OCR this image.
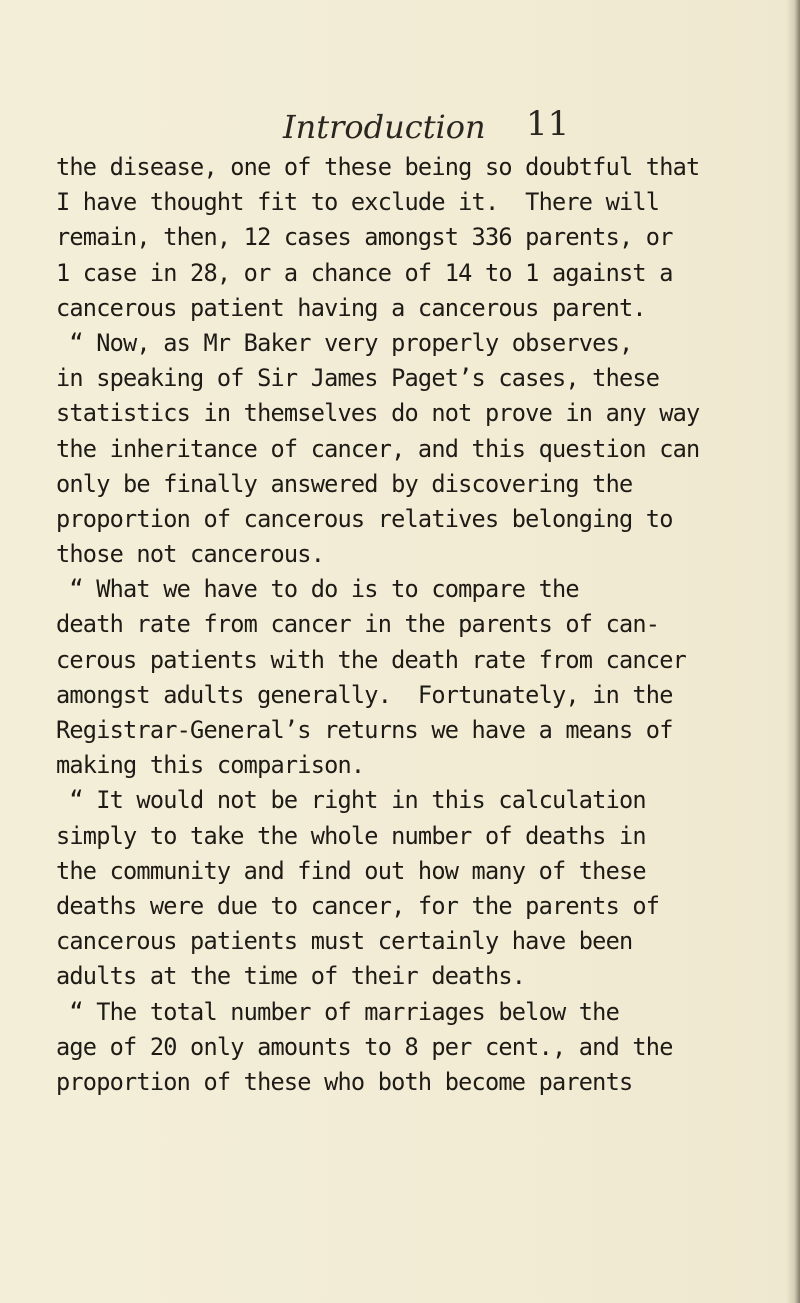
Introduction 11
the disease, one of these being so doubtful that
I have thought fit to exclude it.  There will
remain, then, 12 cases amongst 336 parents, or
1 case in 28, or a chance of 14 to 1 against a
cancerous patient having a cancerous parent.
“ Now, as Mr Baker very properly observes,
in speaking of Sir James Paget’s cases, these
statistics in themselves do not prove in any way
the inheritance of cancer, and this question can
only be finally answered by discovering the
proportion of cancerous relatives belonging to
those not cancerous.
“ What we have to do is to compare the
death rate from cancer in the parents of can-
cerous patients with the death rate from cancer
amongst adults generally.  Fortunately, in the
Registrar-General’s returns we have a means of
making this comparison.
“ It would not be right in this calculation
simply to take the whole number of deaths in
the community and find out how many of these
deaths were due to cancer, for the parents of
cancerous patients must certainly have been
adults at the time of their deaths.
“ The total number of marriages below the
age of 20 only amounts to 8 per cent., and the
proportion of these who both become parents
